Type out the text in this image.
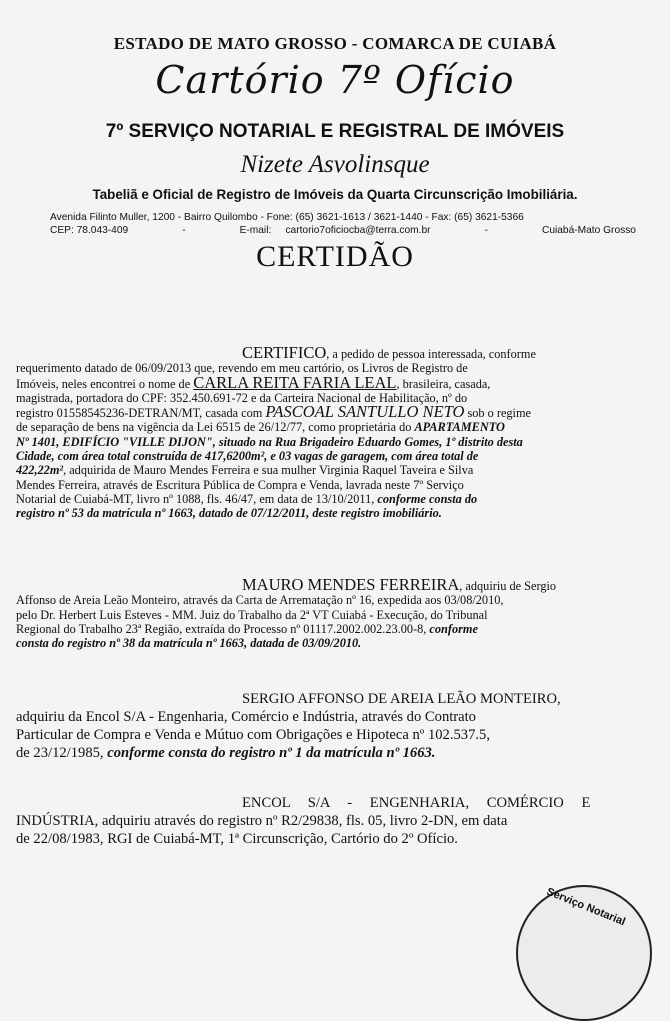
ESTADO DE MATO GROSSO - COMARCA DE CUIABÁ
Cartório 7º Ofício
7º SERVIÇO NOTARIAL E REGISTRAL DE IMÓVEIS
Nizete Asvolinsque
Tabeliã e Oficial de Registro de Imóveis da Quarta Circunscrição Imobiliária.
Avenida Filinto Muller, 1200 - Bairro Quilombo - Fone: (65) 3621-1613 / 3621-1440 - Fax: (65) 3621-5366
CEP: 78.043-409	-	E-mail: cartorio7oficiocba@terra.com.br	-	Cuiabá-Mato Grosso
CERTIDÃO
CERTIFICO, a pedido de pessoa interessada, conforme
requerimento datado de 06/09/2013 que, revendo em meu cartório, os Livros de Registro de
Imóveis, neles encontrei o nome de CARLA REITA FARIA LEAL, brasileira, casada,
magistrada, portadora do CPF: 352.450.691-72 e da Carteira Nacional de Habilitação, nº do
registro 01558545236-DETRAN/MT, casada com PASCOAL SANTULLO NETO sob o regime
de separação de bens na vigência da Lei 6515 de 26/12/77, como proprietária do APARTAMENTO
Nº 1401, EDIFÍCIO "VILLE DIJON", situado na Rua Brigadeiro Eduardo Gomes, 1º distrito desta
Cidade, com área total construída de 417,6200m², e 03 vagas de garagem, com área total de
422,22m², adquirida de Mauro Mendes Ferreira e sua mulher Virginia Raquel Taveira e Silva
Mendes Ferreira, através de Escritura Pública de Compra e Venda, lavrada neste 7º Serviço
Notarial de Cuiabá-MT, livro nº 1088, fls. 46/47, em data de 13/10/2011, conforme consta do
registro nº 53 da matrícula nº 1663, datado de 07/12/2011, deste registro imobiliário.
MAURO MENDES FERREIRA, adquiriu de Sergio
Affonso de Areia Leão Monteiro, através da Carta de Arrematação nº 16, expedida aos 03/08/2010,
pelo Dr. Herbert Luis Esteves - MM. Juiz do Trabalho da 2ª VT Cuiabá - Execução, do Tribunal
Regional do Trabalho 23ª Região, extraída do Processo nº 01117.2002.002.23.00-8, conforme
consta do registro nº 38 da matrícula nº 1663, datada de 03/09/2010.
SERGIO AFFONSO DE AREIA LEÃO MONTEIRO,
adquiriu da Encol S/A - Engenharia, Comércio e Indústria, através do Contrato
Particular de Compra e Venda e Mútuo com Obrigações e Hipoteca nº 102.537.5,
de 23/12/1985, conforme consta do registro nº 1 da matrícula nº 1663.
ENCOL S/A - ENGENHARIA, COMÉRCIO E
INDÚSTRIA, adquiriu através do registro nº R2/29838, fls. 05, livro 2-DN, em data
de 22/08/1983, RGI de Cuiabá-MT, 1ª Circunscrição, Cartório do 2º Ofício.
Serviço Notarial
